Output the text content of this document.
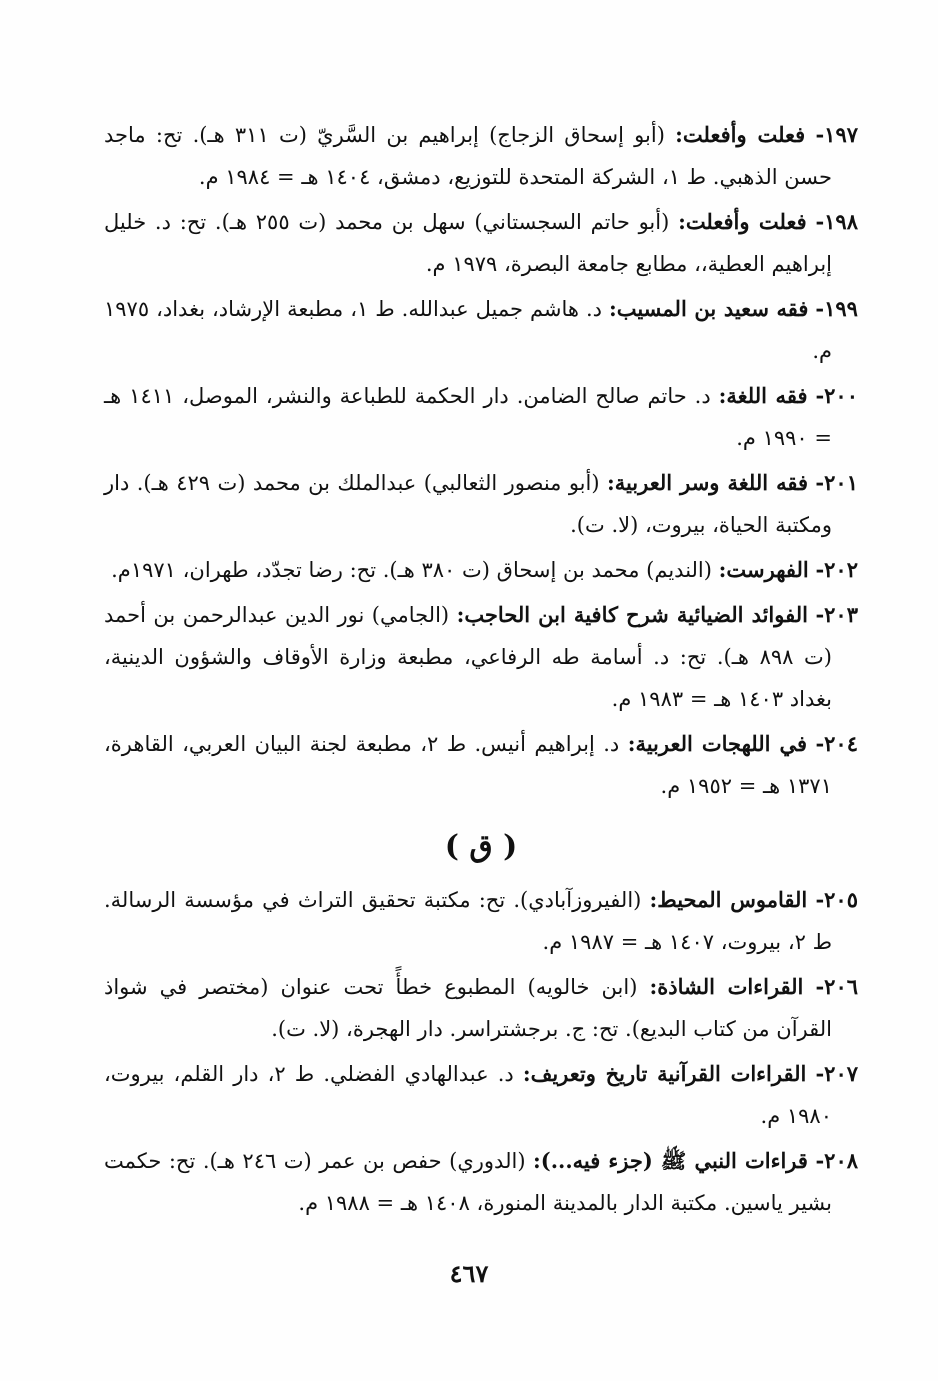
١٩٧- فعلت وأفعلت: (أبو إسحاق الزجاج) إبراهيم بن السَّريّ (ت ٣١١ هـ). تح: ماجد حسن الذهبي. ط ١، الشركة المتحدة للتوزيع، دمشق، ١٤٠٤ هـ = ١٩٨٤ م.
١٩٨- فعلت وأفعلت: (أبو حاتم السجستاني) سهل بن محمد (ت ٢٥٥ هـ). تح: د. خليل إبراهيم العطية،، مطابع جامعة البصرة، ١٩٧٩ م.
١٩٩- فقه سعيد بن المسيب: د. هاشم جميل عبدالله. ط ١، مطبعة الإرشاد، بغداد، ١٩٧٥ م.
٢٠٠- فقه اللغة: د. حاتم صالح الضامن. دار الحكمة للطباعة والنشر، الموصل، ١٤١١ هـ = ١٩٩٠ م.
٢٠١- فقه اللغة وسر العربية: (أبو منصور الثعالبي) عبدالملك بن محمد (ت ٤٢٩ هـ). دار ومكتبة الحياة، بيروت، (لا. ت).
٢٠٢- الفهرست: (النديم) محمد بن إسحاق (ت ٣٨٠ هـ). تح: رضا تجدّد، طهران، ١٩٧١م.
٢٠٣- الفوائد الضيائية شرح كافية ابن الحاجب: (الجامي) نور الدين عبدالرحمن بن أحمد (ت ٨٩٨ هـ). تح: د. أسامة طه الرفاعي، مطبعة وزارة الأوقاف والشؤون الدينية، بغداد ١٤٠٣ هـ = ١٩٨٣ م.
٢٠٤- في اللهجات العربية: د. إبراهيم أنيس. ط ٢، مطبعة لجنة البيان العربي، القاهرة، ١٣٧١ هـ = ١٩٥٢ م.
( ق )
٢٠٥- القاموس المحيط: (الفيروزآبادي). تح: مكتبة تحقيق التراث في مؤسسة الرسالة. ط ٢، بيروت، ١٤٠٧ هـ = ١٩٨٧ م.
٢٠٦- القراءات الشاذة: (ابن خالويه) المطبوع خطأً تحت عنوان (مختصر في شواذ القرآن من كتاب البديع). تح: ج. برجشتراسر. دار الهجرة، (لا. ت).
٢٠٧- القراءات القرآنية تاريخ وتعريف: د. عبدالهادي الفضلي. ط ٢، دار القلم، بيروت، ١٩٨٠ م.
٢٠٨- قراءات النبي ﷺ (جزء فيه...): (الدوري) حفص بن عمر (ت ٢٤٦ هـ). تح: حكمت بشير ياسين. مكتبة الدار بالمدينة المنورة، ١٤٠٨ هـ = ١٩٨٨ م.
٤٦٧
